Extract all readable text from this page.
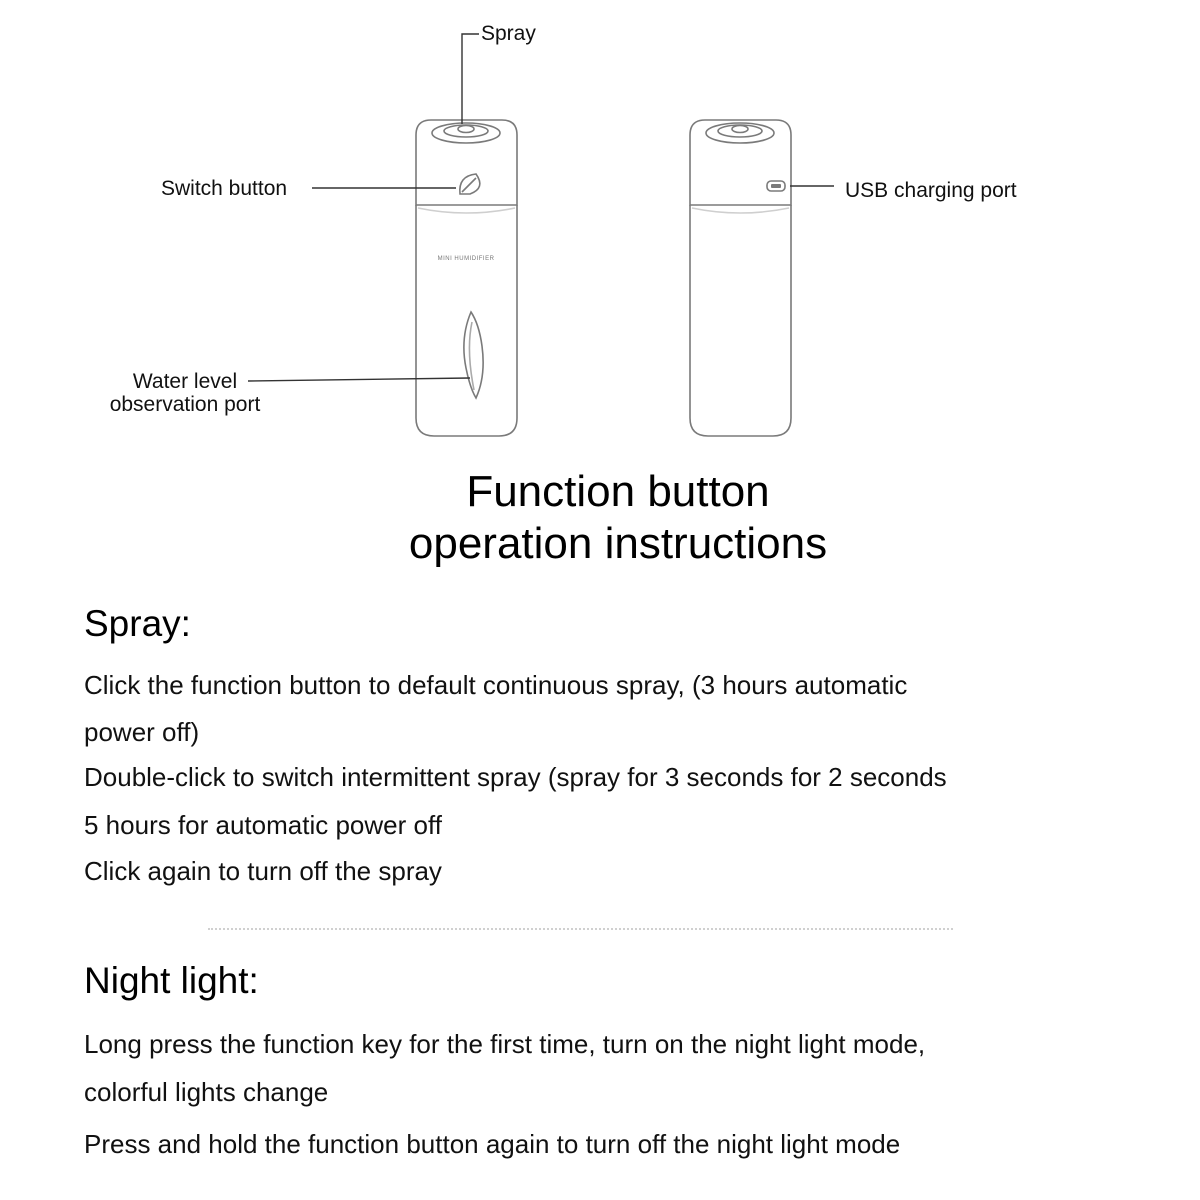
MINI HUMIDIFIER
Spray
Switch button
Water level observation port
USB charging port
Function button
operation instructions
Spray:
Click the function button to default continuous spray, (3 hours automatic
power off)
Double-click to switch intermittent spray (spray for 3 seconds for 2 seconds
5 hours for automatic power off
Click again to turn off the spray
Night light:
Long press the function key for the first time, turn on the night light mode,
colorful lights change
Press and hold the function button again to turn off the night light mode
